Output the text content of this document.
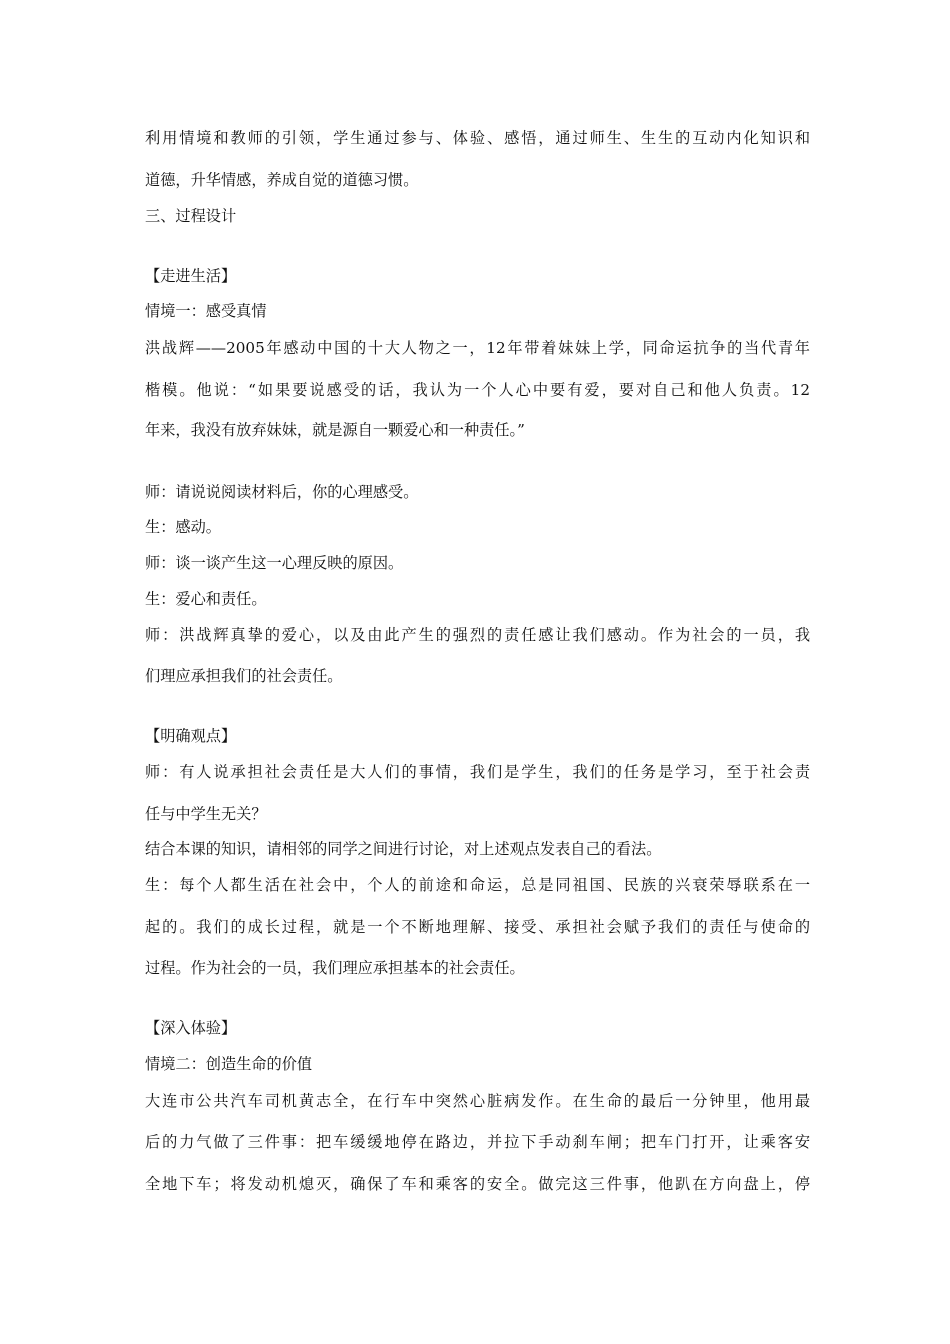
利用情境和教师的引领，学生通过参与、体验、感悟，通过师生、生生的互动内化知识和
道德，升华情感，养成自觉的道德习惯。
三、过程设计
【走进生活】
情境一：感受真情
洪战辉——2005年感动中国的十大人物之一，12年带着妹妹上学，同命运抗争的当代青年
楷模。他说：“如果要说感受的话，我认为一个人心中要有爱，要对自己和他人负责。12
年来，我没有放弃妹妹，就是源自一颗爱心和一种责任。”
师：请说说阅读材料后，你的心理感受。
生：感动。
师：谈一谈产生这一心理反映的原因。
生：爱心和责任。
师：洪战辉真挚的爱心，以及由此产生的强烈的责任感让我们感动。作为社会的一员，我
们理应承担我们的社会责任。
【明确观点】
师：有人说承担社会责任是大人们的事情，我们是学生，我们的任务是学习，至于社会责
任与中学生无关？
结合本课的知识，请相邻的同学之间进行讨论，对上述观点发表自己的看法。
生：每个人都生活在社会中，个人的前途和命运，总是同祖国、民族的兴衰荣辱联系在一
起的。我们的成长过程，就是一个不断地理解、接受、承担社会赋予我们的责任与使命的
过程。作为社会的一员，我们理应承担基本的社会责任。
【深入体验】
情境二：创造生命的价值
大连市公共汽车司机黄志全，在行车中突然心脏病发作。在生命的最后一分钟里，他用最
后的力气做了三件事：把车缓缓地停在路边，并拉下手动刹车闸；把车门打开，让乘客安
全地下车；将发动机熄灭，确保了车和乘客的安全。做完这三件事，他趴在方向盘上，停
